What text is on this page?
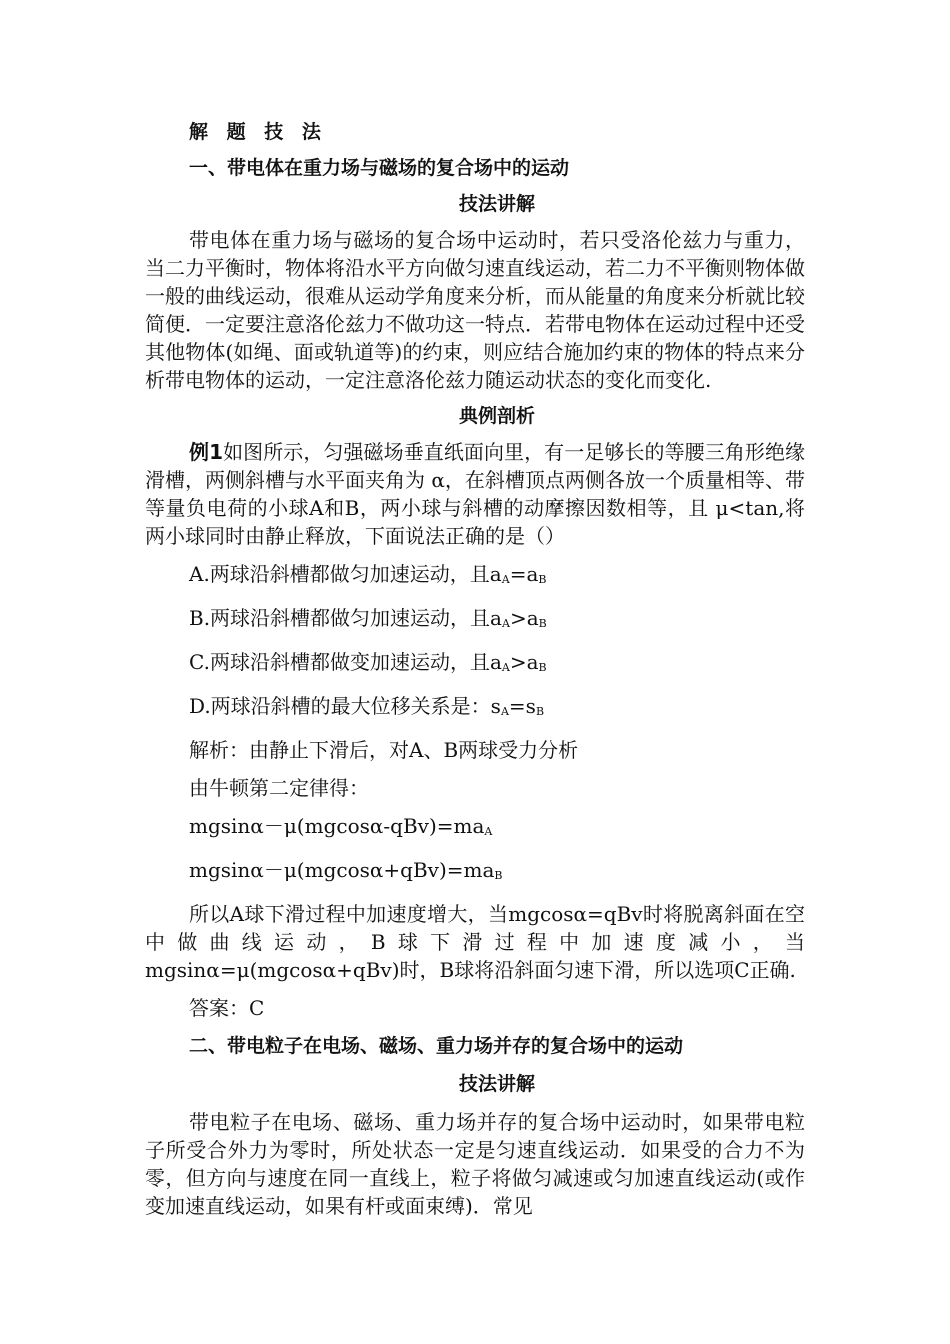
解 题 技 法

一、带电体在重力场与磁场的复合场中的运动

技法讲解

带电体在重力场与磁场的复合场中运动时，若只受洛伦兹力与重力，当二力平衡时，物体将沿水平方向做匀速直线运动，若二力不平衡则物体做一般的曲线运动，很难从运动学角度来分析，而从能量的角度来分析就比较简便．一定要注意洛伦兹力不做功这一特点．若带电物体在运动过程中还受其他物体(如绳、面或轨道等)的约束，则应结合施加约束的物体的特点来分析带电物体的运动，一定注意洛伦兹力随运动状态的变化而变化.

典例剖析

例1如图所示，匀强磁场垂直纸面向里，有一足够长的等腰三角形绝缘滑槽，两侧斜槽与水平面夹角为 α，在斜槽顶点两侧各放一个质量相等、带等量负电荷的小球A和B，两小球与斜槽的动摩擦因数相等，且 μ<tan,将两小球同时由静止释放，下面说法正确的是（）

A.两球沿斜槽都做匀加速运动，且$a_A=a_B$

B.两球沿斜槽都做匀加速运动，且$a_A>a_B$

C.两球沿斜槽都做变加速运动，且$a_A>a_B$

D.两球沿斜槽的最大位移关系是：$s_A=s_B$

解析：由静止下滑后，对A、B两球受力分析

由牛顿第二定律得：

$mgsin\alpha-\mu(mgcos\alpha-qBv)=ma_A$

$mgsin\alpha-\mu(mgcos\alpha+qBv)=ma_B$

所以A球下滑过程中加速度增大，当mgcosα=qBv时将脱离斜面在空中做曲线运动，B球下滑过程中加速度减小，当mgsinα=μ(mgcosα+qBv)时，B球将沿斜面匀速下滑，所以选项C正确.

答案：C

二、带电粒子在电场、磁场、重力场并存的复合场中的运动

技法讲解

带电粒子在电场、磁场、重力场并存的复合场中运动时，如果带电粒子所受合外力为零时，所处状态一定是匀速直线运动．如果受的合力不为零，但方向与速度在同一直线上，粒子将做匀减速或匀加速直线运动(或作变加速直线运动，如果有杆或面束缚)．常见
